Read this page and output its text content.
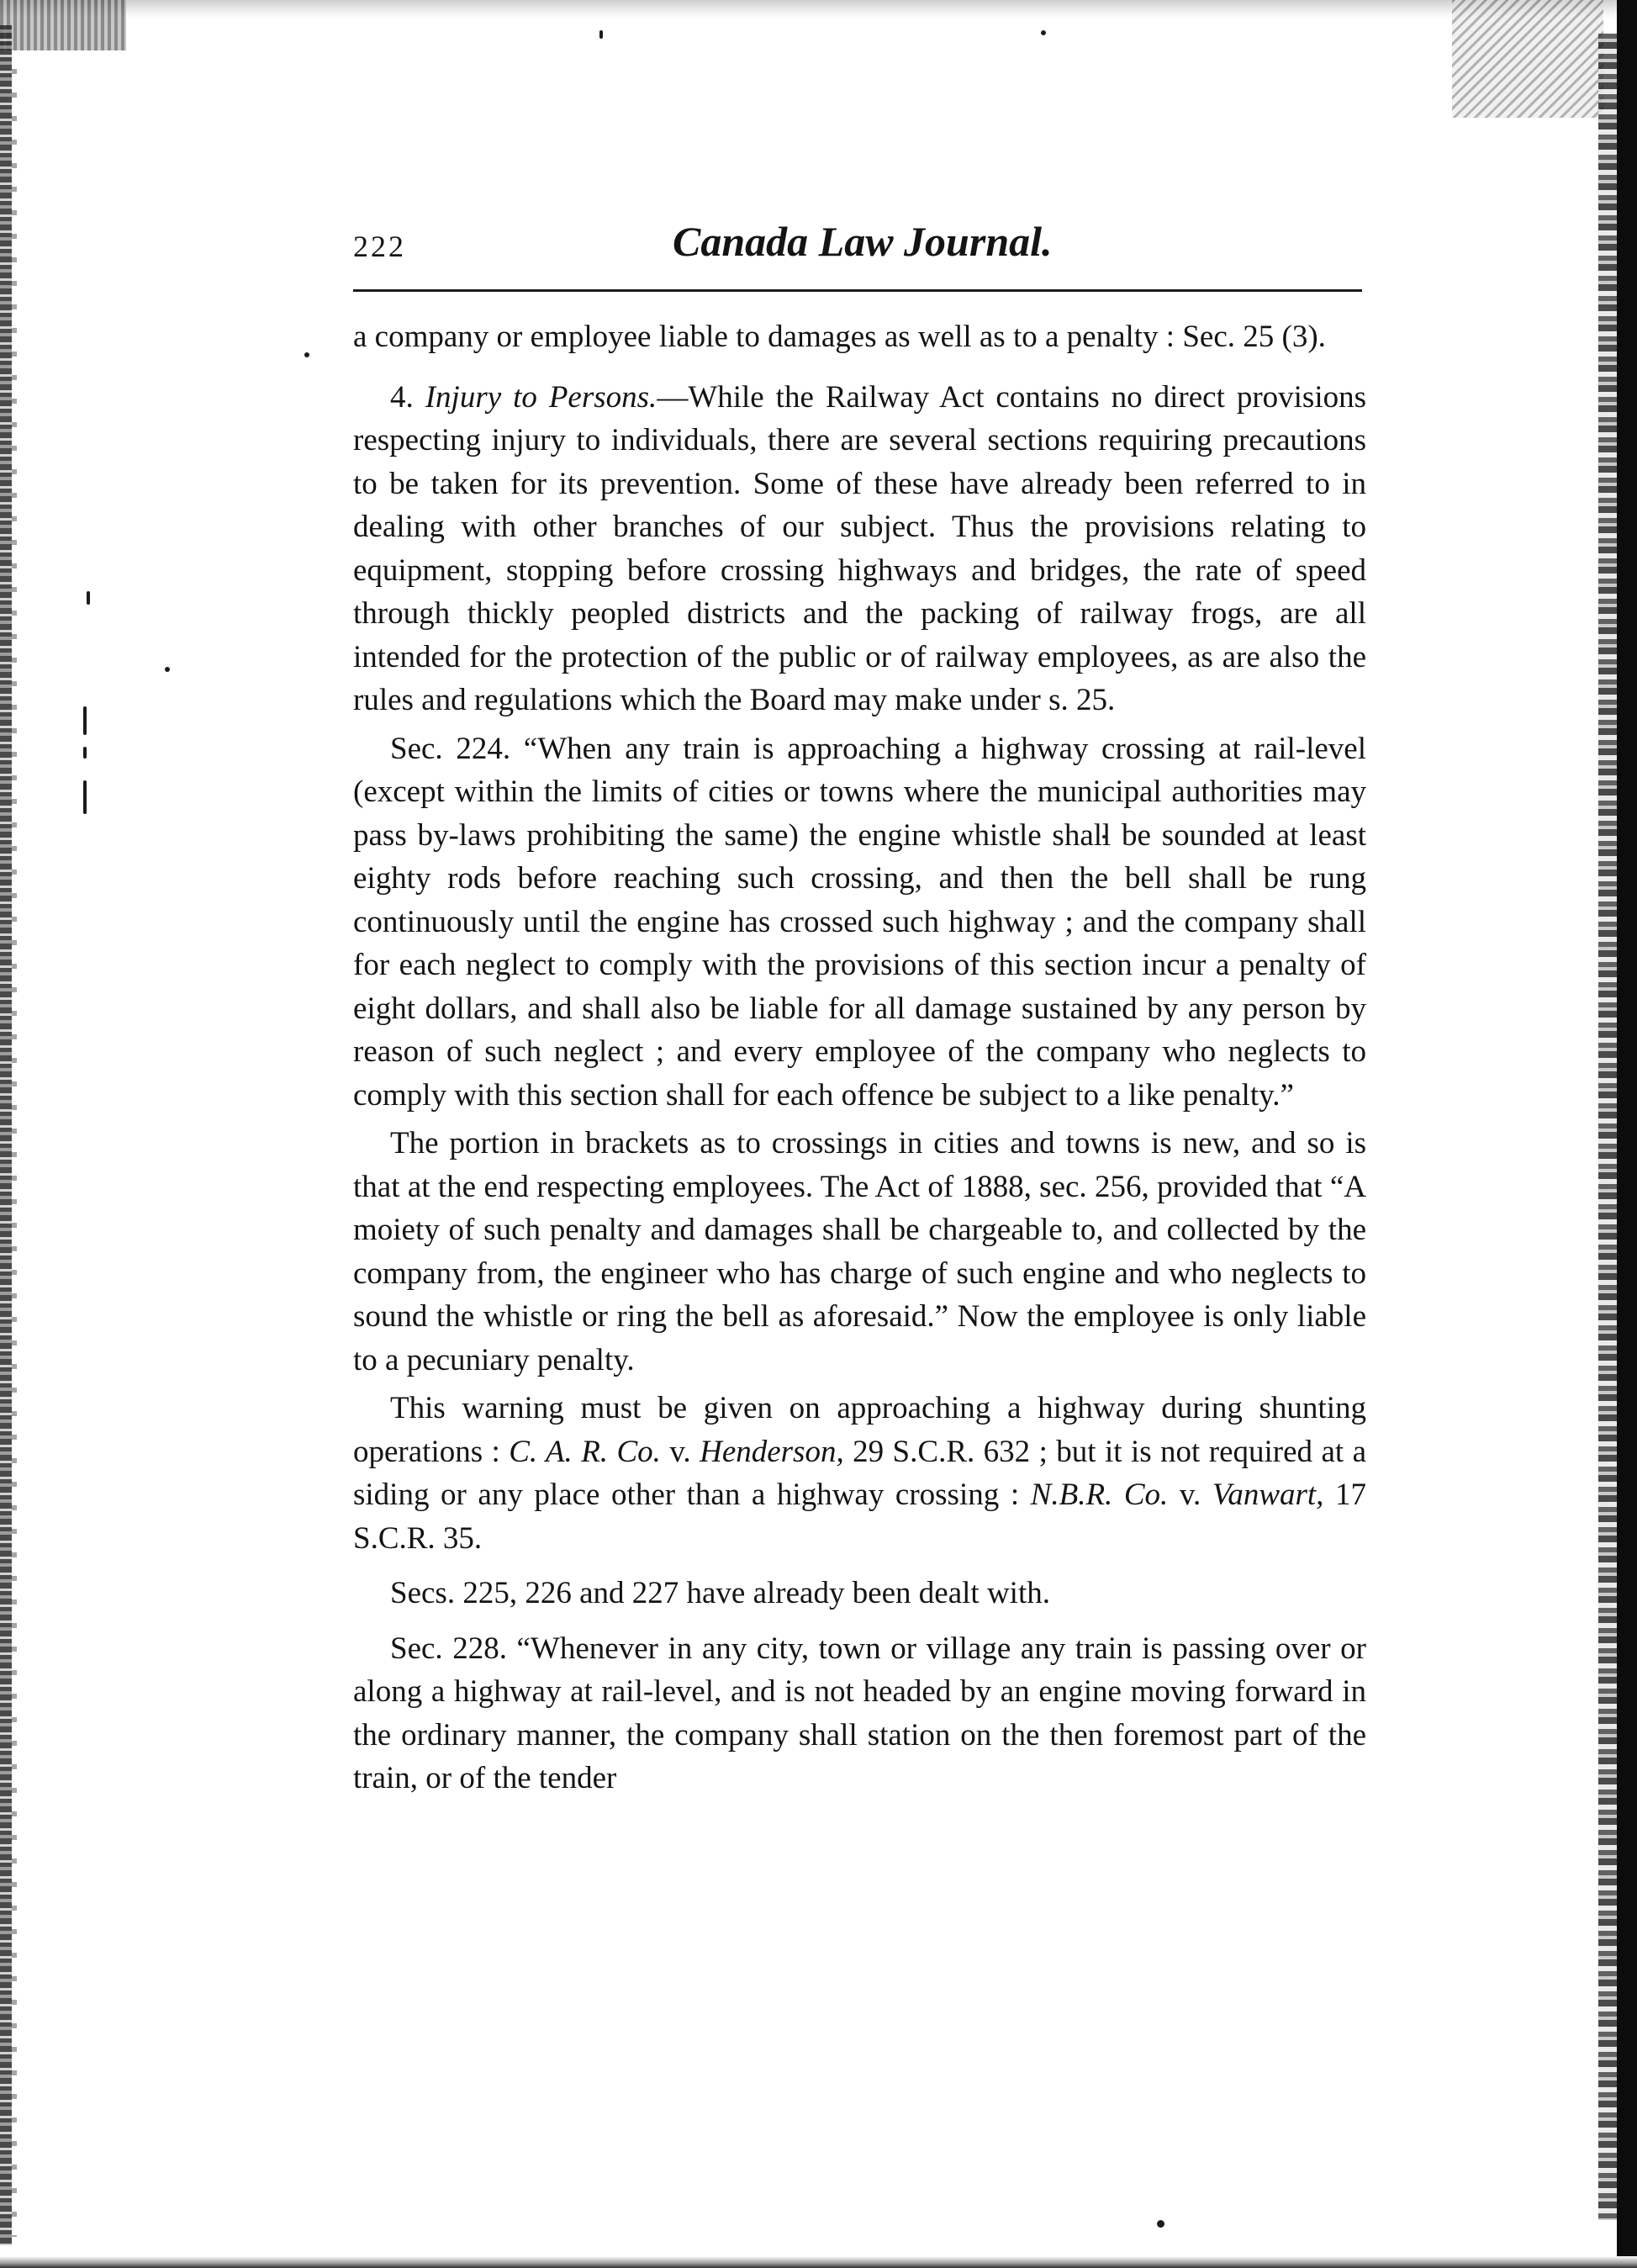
222	Canada Law Journal.

a company or employee liable to damages as well as to a penalty : Sec. 25 (3).

4. Injury to Persons.—While the Railway Act contains no direct provisions respecting injury to individuals, there are several sections requiring precautions to be taken for its prevention. Some of these have already been referred to in dealing with other branches of our subject. Thus the provisions relating to equipment, stopping before crossing highways and bridges, the rate of speed through thickly peopled districts and the packing of railway frogs, are all intended for the protection of the public or of railway employees, as are also the rules and regulations which the Board may make under s. 25.

Sec. 224. “When any train is approaching a highway crossing at rail-level (except within the limits of cities or towns where the municipal authorities may pass by-laws prohibiting the same) the engine whistle shall be sounded at least eighty rods before reaching such crossing, and then the bell shall be rung continuously until the engine has crossed such highway ; and the company shall for each neglect to comply with the provisions of this section incur a penalty of eight dollars, and shall also be liable for all damage sustained by any person by reason of such neglect ; and every employee of the company who neglects to comply with this section shall for each offence be subject to a like penalty.”

The portion in brackets as to crossings in cities and towns is new, and so is that at the end respecting employees. The Act of 1888, sec. 256, provided that “A moiety of such penalty and damages shall be chargeable to, and collected by the company from, the engineer who has charge of such engine and who neglects to sound the whistle or ring the bell as aforesaid.” Now the employee is only liable to a pecuniary penalty.

This warning must be given on approaching a highway during shunting operations : C. A. R. Co. v. Henderson, 29 S.C.R. 632 ; but it is not required at a siding or any place other than a highway crossing : N.B.R. Co. v. Vanwart, 17 S.C.R. 35.

Secs. 225, 226 and 227 have already been dealt with.

Sec. 228. “Whenever in any city, town or village any train is passing over or along a highway at rail-level, and is not headed by an engine moving forward in the ordinary manner, the company shall station on the then foremost part of the train, or of the tender
